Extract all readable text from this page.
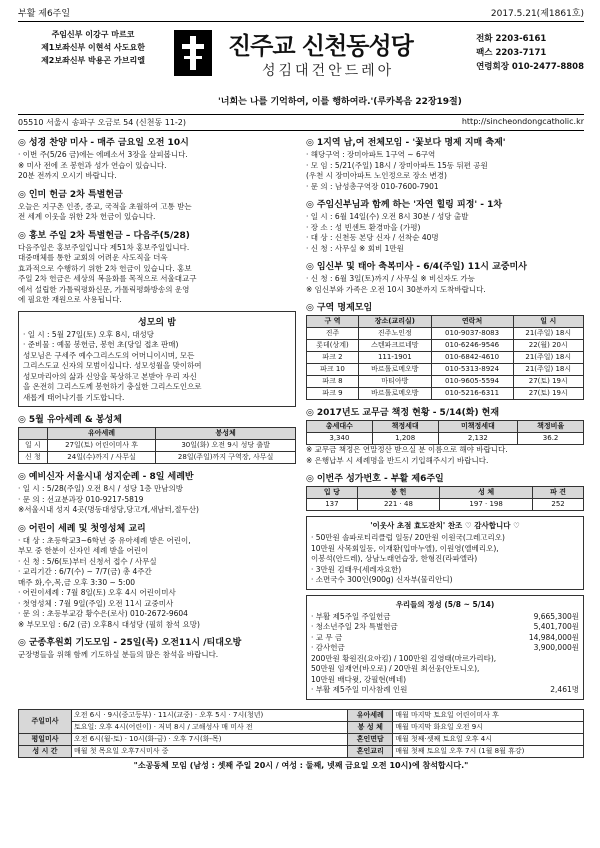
부활 제6주일	2017.5.21(제1861호)
주임신부 이강구 마르코
제1보좌신부 이현석 사도요한
제2보좌신부 박용곤 가브리엘
진주교 신천동성당
성김대건안드레아
전화 2203-6161
팩스 2203-7171
연령회장 010-2477-8808
'너희는 나를 기억하여, 이를 행하여라.'(루카복음 22장19절)
05510 서울시 송파구 오금로 54 (신천동 11-2)	http://sincheondongcatholic.kr
◎ 성경 찬양 미사 - 매주 금요일 오전 10시

· 이번 주(5/26 금)에는 에페소서 3장을 살피봅니다.

※ 미사 전에 조 봉헌과 성가 연습이 있습니다.

20분 전까지 오시기 바랍니다.

◎ 인미 헌금 2차 특별헌금

오늘은 지구촌 인종, 종교, 국적을 초월하여 고통 받는

전 세계 이웃을 위한 2차 헌금이 있습니다.

◎ 홍보 주일 2차 특별헌금 – 다음주(5/28)

다음주일은 홍보주일입니다 제51차 홍보주일입니다.

대중매체를 통한 교회의 어려운 사도직을 더욱

효과적으로 수행하기 위한 2차 헌금이 있습니다. 홍보

주일 2차 헌금은 세상의 복음화를 목적으로 서울대교구

에서 설립한 가톨릭평화신문, 가톨릭평화방송의 운영

에 필요한 재원으로 사용됩니다.

성모의 밤

· 일 시 : 5월 27일(토) 오후 8시, 대성당

· 준비물 : 예물 봉헌금, 봉헌 초(당일 접초 판매)

성모님은 구세주 예수그리스도의 어머니이시며, 모든

그리스도교 신자의 모범이십니다. 성모성월을 맞이하여

성모마리아의 삶과 신앙을 묵상하고 본받아 우리 자신

을 온전히 그리스도께 봉헌하기 충실한 그리스도인으로

새롭게 태어나기를 기도합니다.

◎ 5월 유아세례 & 봉성체
	유아세례	봉성체
일 시	27일(토) 어린이미사 후	30일(화) 오전 9시 성당 출발
신 청	24일(수)까지 / 사무실	28일(주일)까지 구역장, 사무실
◎ 예비신자 서울시내 성지순례 - 8일 세례반

· 일 시 : 5/28(주일) 오전 8시 / 성당 1층 만남의방

· 문 의 : 선교분과장 010-9217-5819

※서울시내 성지 4곳(명동대성당,당고개,새남터,절두산)

◎ 어린이 세례 및 첫영성체 교리

· 대 상 : 초등학교3~6학년 중 유아세례 받은 어린이,

부모 중 한분이 신자인 세례 받을 어린이

· 신 청 : 5/6(토)부터 신청서 접수 / 사무실

· 교리기간 : 6/7(수) ~ 7/7(금) 총 4주간

매주 화,수,목,금 오후 3:30 ~ 5:00

· 어린이세례 : 7월 8일(토) 오후 4시 어린이미사

· 첫영성체 : 7월 9일(주일) 오전 11시 교중미사

· 문 의 : 초등부교감 황수은(로사) 010-2672-9604

※ 부모모임 : 6/2 (금) 오후8시 대성당 (필히 참석 요망)

◎ 군종후원회 기도모임 - 25일(목) 오전11시 /티대오방

군장병들을 위해 함께 기도하실 분들의 많은 참석을 바랍니다.

◎ 1지역 남,여 전체모임 - '꽃보다 명제 지매 축제'

· 해당구역 : 장미아파트 1구역 ~ 6구역

· 모 임 : 5/21(주일) 18시 / 장미아파트 15동 뒤편 공원

(우천 시 장미아파트 노인정으로 장소 변경)

· 문 의 : 남성총구역장 010-7600-7901

◎ 주임신부님과 함께 하는 '자연 힐링 피정' - 1차

· 일 시 : 6월 14일(수) 오전 8시 30분 / 성당 출발

· 장 소 : 성 빈센트 환경마을 (가평)

· 대 상 : 신천동 본당 신자 / 선착순 40명

· 신 청 : 사무실 ※ 회비 1만원

◎ 임신부 및 태아 축복미사 - 6/4(주일) 11시 교중미사

· 신 청 : 6월 3일(토)까지 / 사무실 ※ 비신자도 가능

※ 임신부와 가족은 오전 10시 30분까지 도착바랍니다.

◎ 구역 명제모임
구 역	장소(교리실)	연락처	일 시
진주	진주노인정	010-9037-8083	21(주일) 18시
롯데(상계)	스텐파크르네망	010-6246-9546	22(월) 20시
파크 2	111-1901	010-6842-4610	21(주일) 18시
파크 10	바르톨로메오방	010-5313-8924	21(주일) 18시
파크 8	마티아방	010-9605-5594	27(토) 19시
파크 9	바르톨로메오방	010-5216-6311	27(토) 19시
◎ 2017년도 교무금 책정 현황 - 5/14(화) 현재
총세대수	책정세대	미책정세대	책정비율
3,340	1,208	2,132	36.2

※ 교무금 책정은 연말정산 받으실 분 이름으로 해야 바랍니다.

※ 은행납부 시 세례명을 반드시 기입해주시기 바랍니다.

◎ 이번주 성가번호 - 부활 제6주일
입 당	봉 헌	성 체	파 견
137	221 · 48	197 · 198	252
'이웃사 초점 효도잔치' 찬조 ♡ 감사합니다 ♡

· 50만원 솔파로티리클럽 일동/ 20만원 이원국(그레고리오)

10만원 사목회일동, 이재환(입마누엘), 이원영(엘베리오),

이봉석(안드레), 상남노래연습장, 한형진(라파엘라)

· 3만원 김태우(세레자요한)

· 소면국수 300인(900g) 신자부(물리안디)

우리들의 정성 (5/8 ~ 5/14)

· 부활 제5주일 주일헌금	9,665,300원

· 청소년주일 2차 특별헌금	5,401,700원

· 교 무 금	14,984,000원

· 감사헌금	3,900,000원

200만원 황원진(요아킴) / 100만원 김영태(마르가리타),

50만원 임재연(바오로) / 20만원 최선웅(안토니오),

10만원 배다윗, 강필현(베네)

· 부활 제5주일 미사참례 인원	2,461명

주일미사	오전 6시 · 9시(중고등부) · 11시(교중) · 오후 5시 · 7시(청년)	유아세례	매월 마지막 토요일 어린이미사 후
	토요일: 오후 4시(어린이) · 저녁 8시 / 고해성사 매 미사 전	봉 성 체	매월 마지막 화요일 오전 9시
평일미사	오전 6시(월-토) · 10시(화-금) · 오후 7시(화-목)	혼인면담	매월 첫째·셋째 토요일 오후 4시
성 시 간	매월 첫 목요일 오후7시미사 중	혼인교리	매월 첫째 토요일 오후 7시 (1월 8월 휴강)
"소공동체 모임 (남성 : 셋째 주일 20시 / 여성 : 둘째, 넷째 금요일 오전 10시)에 참석합시다."
